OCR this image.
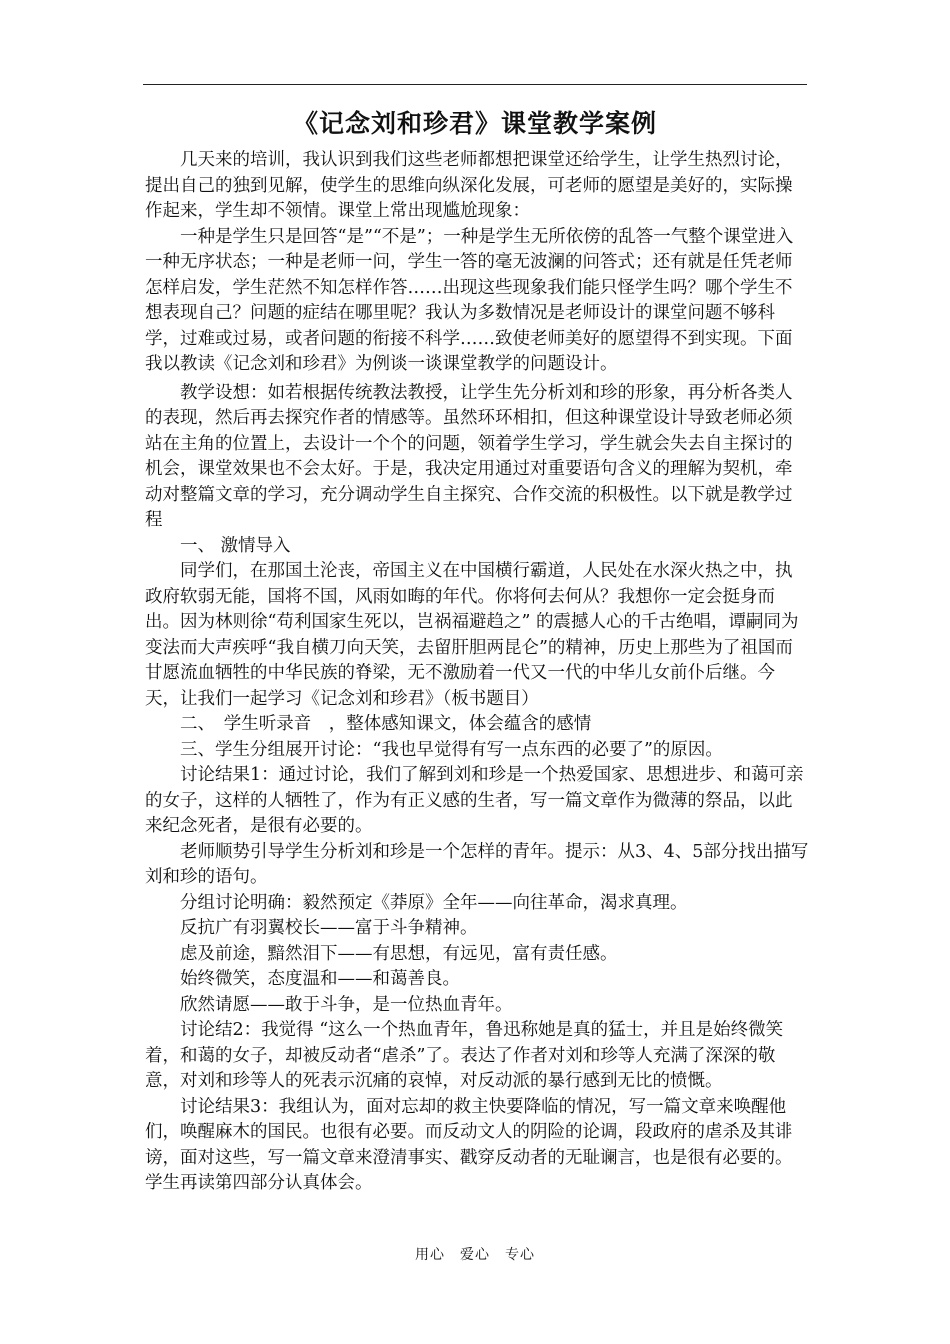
《记念刘和珍君》课堂教学案例

　　几天来的培训，我认识到我们这些老师都想把课堂还给学生，让学生热烈讨论，提出自己的独到见解，使学生的思维向纵深化发展，可老师的愿望是美好的，实际操作起来，学生却不领情。课堂上常出现尴尬现象：

　　一种是学生只是回答“是”“不是”；一种是学生无所依傍的乱答一气整个课堂进入一种无序状态；一种是老师一问，学生一答的毫无波澜的问答式；还有就是任凭老师怎样启发，学生茫然不知怎样作答……出现这些现象我们能只怪学生吗？哪个学生不想表现自己？问题的症结在哪里呢？我认为多数情况是老师设计的课堂问题不够科学，过难或过易，或者问题的衔接不科学……致使老师美好的愿望得不到实现。下面我以教读《记念刘和珍君》为例谈一谈课堂教学的问题设计。

　　教学设想：如若根据传统教法教授，让学生先分析刘和珍的形象，再分析各类人的表现，然后再去探究作者的情感等。虽然环环相扣，但这种课堂设计导致老师必须站在主角的位置上，去设计一个个的问题，领着学生学习，学生就会失去自主探讨的机会，课堂效果也不会太好。于是，我决定用通过对重要语句含义的理解为契机，牵动对整篇文章的学习，充分调动学生自主探究、合作交流的积极性。以下就是教学过程

　　一、 激情导入

　　同学们，在那国土沦丧，帝国主义在中国横行霸道，人民处在水深火热之中，执政府软弱无能，国将不国，风雨如晦的年代。你将何去何从？我想你一定会挺身而出。因为林则徐“苟利国家生死以，岂祸福避趋之” 的震撼人心的千古绝唱，谭嗣同为变法而大声疾呼“我自横刀向天笑，去留肝胆两昆仑”的精神，历史上那些为了祖国而甘愿流血牺牲的中华民族的脊梁，无不激励着一代又一代的中华儿女前仆后继。今天，让我们一起学习《记念刘和珍君》（板书题目）

　　二、　学生听录音　，整体感知课文，体会蕴含的感情

　　三、学生分组展开讨论：“我也早觉得有写一点东西的必要了”的原因。

　　讨论结果1：通过讨论，我们了解到刘和珍是一个热爱国家、思想进步、和蔼可亲的女子，这样的人牺牲了，作为有正义感的生者，写一篇文章作为微薄的祭品，以此来纪念死者，是很有必要的。

　　老师顺势引导学生分析刘和珍是一个怎样的青年。提示：从3、4、5部分找出描写刘和珍的语句。

　　分组讨论明确：毅然预定《莽原》全年——向往革命，渴求真理。

　　反抗广有羽翼校长——富于斗争精神。

　　虑及前途，黯然泪下——有思想，有远见，富有责任感。

　　始终微笑，态度温和——和蔼善良。

　　欣然请愿——敢于斗争，是一位热血青年。

　　讨论结2：我觉得 “这么一个热血青年，鲁迅称她是真的猛士，并且是始终微笑着，和蔼的女子，却被反动者“虐杀”了。表达了作者对刘和珍等人充满了深深的敬意，对刘和珍等人的死表示沉痛的哀悼，对反动派的暴行感到无比的愤慨。

　　讨论结果3：我组认为，面对忘却的救主快要降临的情况，写一篇文章来唤醒他们，唤醒麻木的国民。也很有必要。而反动文人的阴险的论调，段政府的虐杀及其诽谤，面对这些，写一篇文章来澄清事实、戳穿反动者的无耻谰言，也是很有必要的。学生再读第四部分认真体会。

用心　爱心　专心
